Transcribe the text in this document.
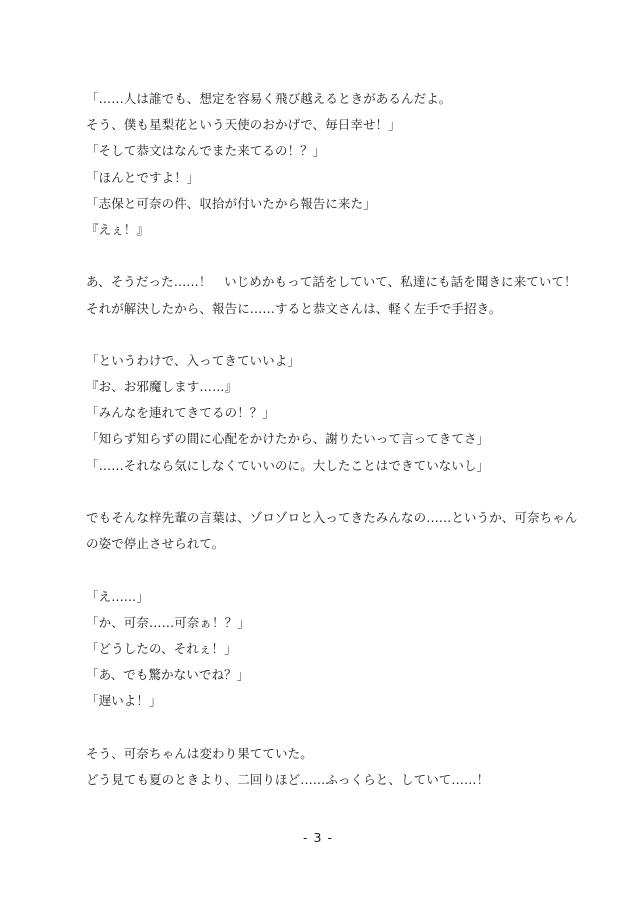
「……人は誰でも、想定を容易く飛び越えるときがあるんだよ。
そう、僕も星梨花という天使のおかげで、毎日幸せ！」
「そして恭文はなんでまた来てるの！？」
「ほんとですよ！」
「志保と可奈の件、収拾が付いたから報告に来た」
『えぇ！』
あ、そうだった……！　いじめかもって話をしていて、私達にも話を聞きに来ていて！
それが解決したから、報告に……すると恭文さんは、軽く左手で手招き。
「というわけで、入ってきていいよ」
『お、お邪魔します……』
「みんなを連れてきてるの！？」
「知らず知らずの間に心配をかけたから、謝りたいって言ってきてさ」
「……それなら気にしなくていいのに。大したことはできていないし」
でもそんな梓先輩の言葉は、ゾロゾロと入ってきたみんなの……というか、可奈ちゃん
の姿で停止させられて。
「え……」
「か、可奈……可奈ぁ！？」
「どうしたの、それぇ！」
「あ、でも驚かないでね？」
「遅いよ！」
そう、可奈ちゃんは変わり果てていた。
どう見ても夏のときより、二回りほど……ふっくらと、していて……！
- 3 -
